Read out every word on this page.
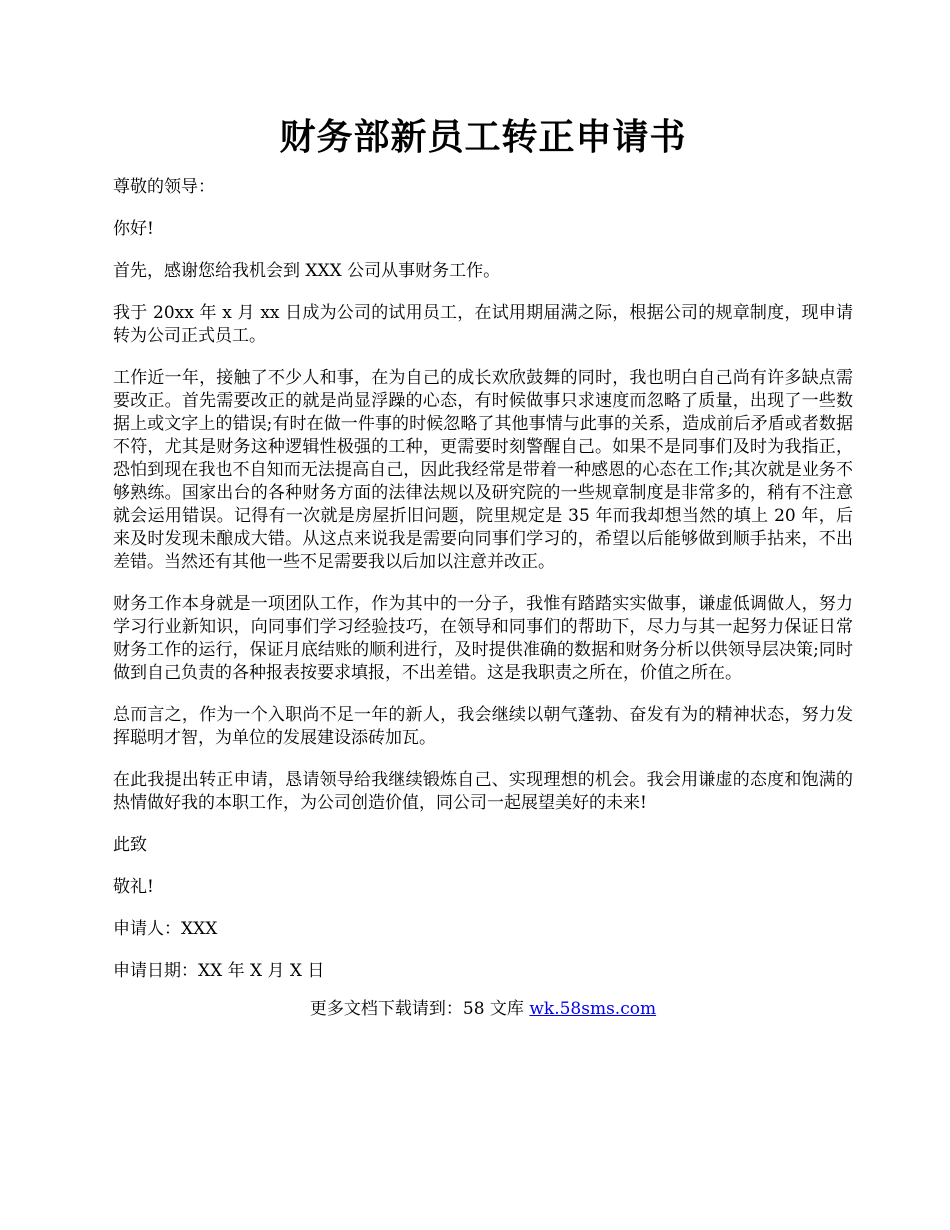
财务部新员工转正申请书

尊敬的领导：

你好!

首先，感谢您给我机会到 XXX 公司从事财务工作。

我于 20xx 年 x 月 xx 日成为公司的试用员工，在试用期届满之际，根据公司的规章制度，现申请转为公司正式员工。

工作近一年，接触了不少人和事，在为自己的成长欢欣鼓舞的同时，我也明白自己尚有许多缺点需要改正。首先需要改正的就是尚显浮躁的心态，有时候做事只求速度而忽略了质量，出现了一些数据上或文字上的错误;有时在做一件事的时候忽略了其他事情与此事的关系，造成前后矛盾或者数据不符，尤其是财务这种逻辑性极强的工种，更需要时刻警醒自己。如果不是同事们及时为我指正，恐怕到现在我也不自知而无法提高自己，因此我经常是带着一种感恩的心态在工作;其次就是业务不够熟练。国家出台的各种财务方面的法律法规以及研究院的一些规章制度是非常多的，稍有不注意就会运用错误。记得有一次就是房屋折旧问题，院里规定是 35 年而我却想当然的填上 20 年，后来及时发现未酿成大错。从这点来说我是需要向同事们学习的，希望以后能够做到顺手拈来，不出差错。当然还有其他一些不足需要我以后加以注意并改正。

财务工作本身就是一项团队工作，作为其中的一分子，我惟有踏踏实实做事，谦虚低调做人，努力学习行业新知识，向同事们学习经验技巧，在领导和同事们的帮助下，尽力与其一起努力保证日常财务工作的运行，保证月底结账的顺利进行，及时提供准确的数据和财务分析以供领导层决策;同时做到自己负责的各种报表按要求填报，不出差错。这是我职责之所在，价值之所在。

总而言之，作为一个入职尚不足一年的新人，我会继续以朝气蓬勃、奋发有为的精神状态，努力发挥聪明才智，为单位的发展建设添砖加瓦。

在此我提出转正申请，恳请领导给我继续锻炼自己、实现理想的机会。我会用谦虚的态度和饱满的热情做好我的本职工作，为公司创造价值，同公司一起展望美好的未来!

此致

敬礼!

申请人：XXX

申请日期：XX 年 X 月 X 日

更多文档下载请到：58 文库 wk.58sms.com
